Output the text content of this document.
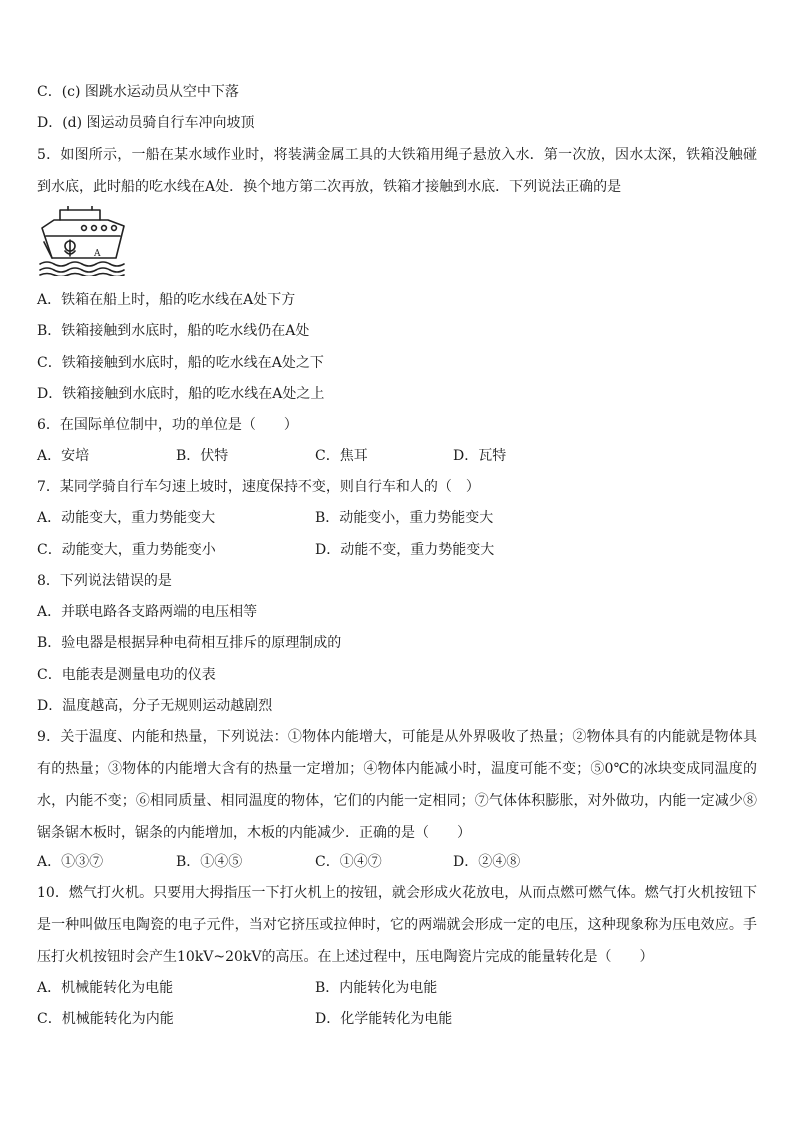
C．(c) 图跳水运动员从空中下落
D．(d) 图运动员骑自行车冲向坡顶
5．如图所示，一船在某水域作业时，将装满金属工具的大铁箱用绳子悬放入水．第一次放，因水太深，铁箱没触碰到水底，此时船的吃水线在A处．换个地方第二次再放，铁箱才接触到水底．下列说法正确的是
A
A．铁箱在船上时，船的吃水线在A处下方
B．铁箱接触到水底时，船的吃水线仍在A处
C．铁箱接触到水底时，船的吃水线在A处之下
D．铁箱接触到水底时，船的吃水线在A处之上
6．在国际单位制中，功的单位是（　　）
A．安培	B．伏特	C．焦耳	D．瓦特
7．某同学骑自行车匀速上坡时，速度保持不变，则自行车和人的（　）
A．动能变大，重力势能变大	B．动能变小，重力势能变大
C．动能变大，重力势能变小	D．动能不变，重力势能变大
8．下列说法错误的是
A．并联电路各支路两端的电压相等
B．验电器是根据异种电荷相互排斥的原理制成的
C．电能表是测量电功的仪表
D．温度越高，分子无规则运动越剧烈
9．关于温度、内能和热量，下列说法：①物体内能增大，可能是从外界吸收了热量；②物体具有的内能就是物体具有的热量；③物体的内能增大含有的热量一定增加；④物体内能减小时，温度可能不变；⑤0℃的冰块变成同温度的水，内能不变；⑥相同质量、相同温度的物体，它们的内能一定相同；⑦气体体积膨胀，对外做功，内能一定减少⑧锯条锯木板时，锯条的内能增加，木板的内能减少．正确的是（　　）
A．①③⑦	B．①④⑤	C．①④⑦	D．②④⑧
10．燃气打火机。只要用大拇指压一下打火机上的按钮，就会形成火花放电，从而点燃可燃气体。燃气打火机按钮下是一种叫做压电陶瓷的电子元件，当对它挤压或拉伸时，它的两端就会形成一定的电压，这种现象称为压电效应。手压打火机按钮时会产生10kV~20kV的高压。在上述过程中，压电陶瓷片完成的能量转化是（　　）
A．机械能转化为电能	B．内能转化为电能
C．机械能转化为内能	D．化学能转化为电能
